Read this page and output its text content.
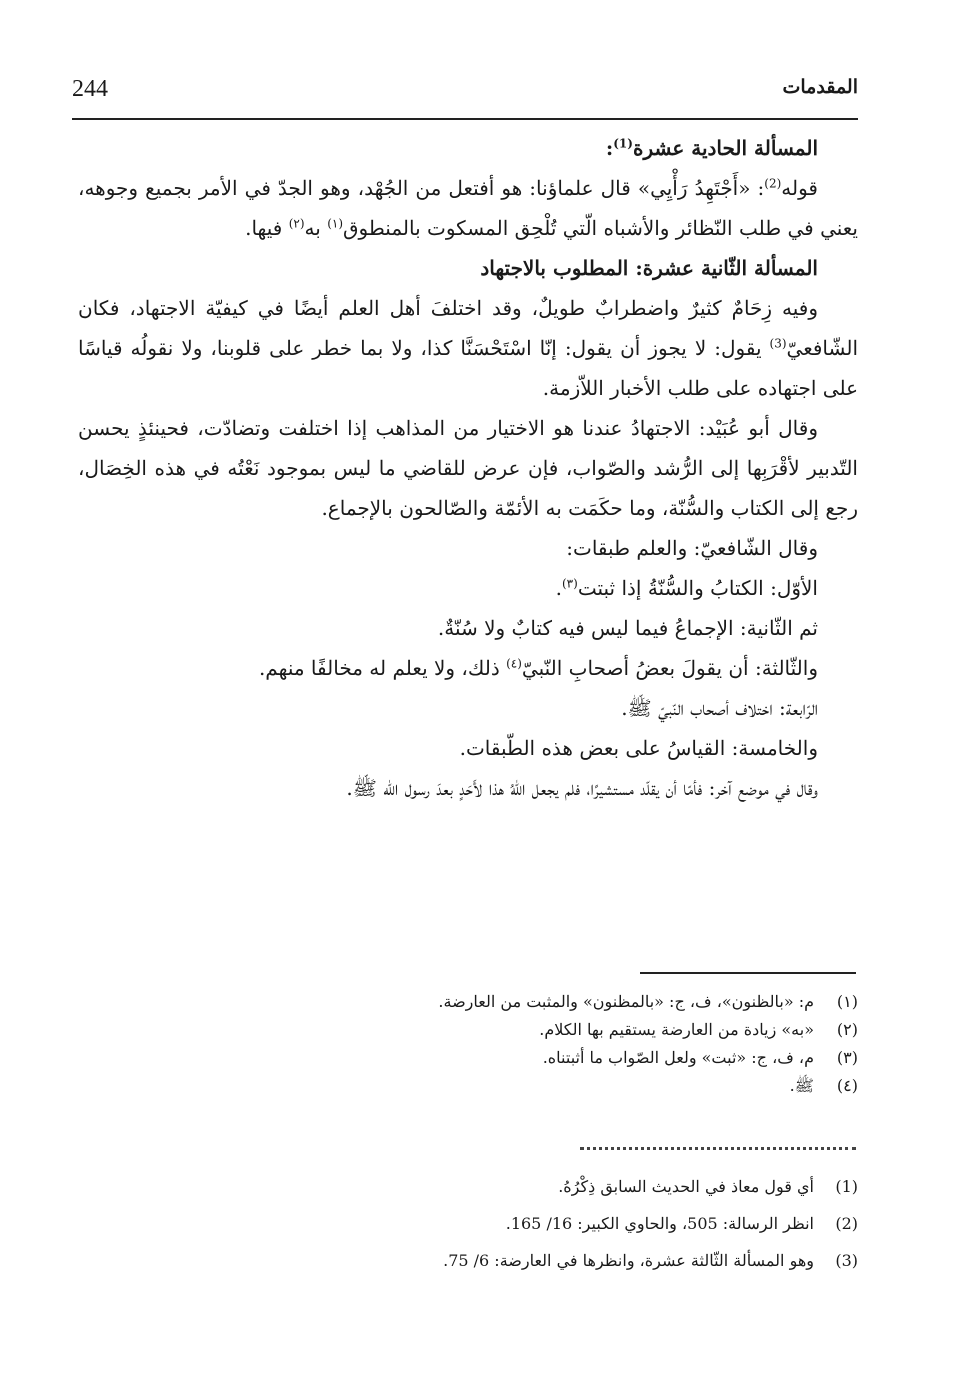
244	المقدمات

المسألة الحادية عشرة$^{(1)}$:

قوله$^{(2)}$: «أَجْتَهِدُ رَأْيِي» قال علماؤنا: هو أفتعل من الجُهْد، وهو الجدّ في الأمر بجميع وجوهه، يعني في طلب النّظائر والأشباه الّتي تُلْحِق المسكوت بالمنطوق$^{(١)}$ به$^{(٢)}$ فيها.

المسألة الثّانية عشرة: المطلوب بالاجتهاد

وفيه زِحَامٌ كثيرٌ واضطرابٌ طويلٌ، وقد اختلفَ أهل العلم أيضًا في كيفيّة الاجتهاد، فكان الشّافعيّ$^{(3)}$ يقول: لا يجوز أن يقول: إنّا اسْتَحْسَنَّا كذا، ولا بما خطر على قلوبنا، ولا نقولُه قياسًا على اجتهاده على طلب الأخبار اللاّزمة.

وقال أبو عُبَيْد: الاجتهادُ عندنا هو الاختيار من المذاهب إذا اختلفت وتضادّت، فحينئذٍ يحسن التّدبير لأقْرَبِها إلى الرُّشد والصّواب، فإن عرض للقاضي ما ليس بموجود نَعْتُه في هذه الخِصَال، رجع إلى الكتاب والسُّنّة، وما حكَمَت به الأئمّة والصّالحون بالإجماع.

وقال الشّافعيّ: والعلم طبقات:

الأوّل: الكتابُ والسُّنّةُ إذا ثبتت$^{(٣)}$.

ثم الثّانية: الإجماعُ فيما ليس فيه كتابٌ ولا سُنّةٌ.

والثّالثة: أن يقولَ بعضُ أصحابِ النّبيّ$^{(٤)}$ ذلك، ولا يعلم له مخالفًا منهم.

الرّابعة: اختلاف أصحاب النّبيّ ﷺ.

والخامسة: القياسُ على بعض هذه الطّبقات.

وقال في موضع آخر: فأمّا أن يقلّد مستشيرًا، فلم يجعل اللهُ هذا لأَحَدٍ بعدَ رسول الله ﷺ.

(١)
م: «بالظنون»، ف، ج: «بالمظنون» والمثبت من العارضة.
(٢)
«به» زيادة من العارضة يستقيم بها الكلام.
(٣)
م، ف، ج: «ثبت» ولعل الصّواب ما أثبتناه.
(٤)
ﷺ.
(1)
أي قول معاذ في الحديث السابق ذِكْرُهُ.
(2)
انظر الرسالة: 505، والحاوي الكبير: 16/ 165.
(3)
وهو المسألة الثّالثة عشرة، وانظرها في العارضة: 6/ 75.
